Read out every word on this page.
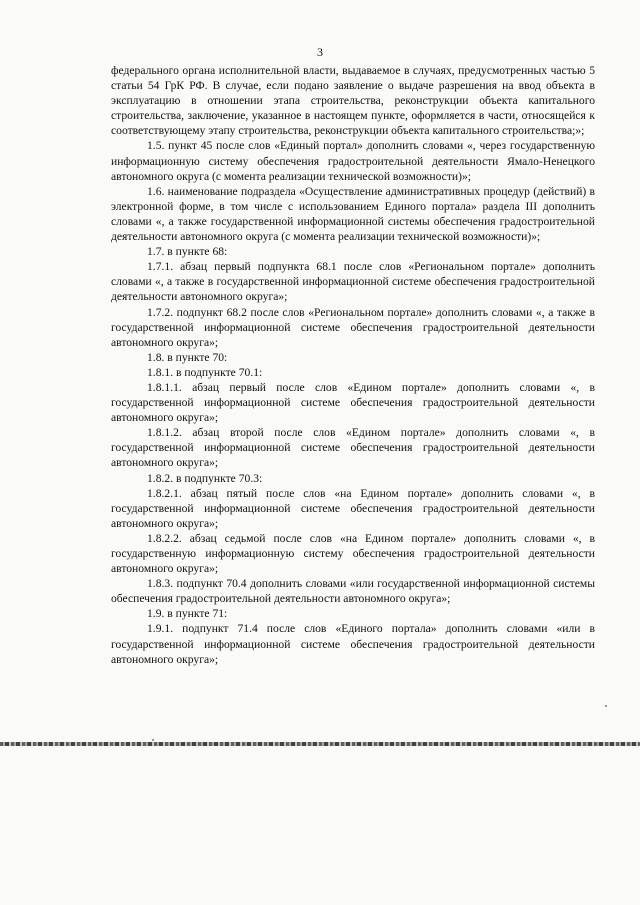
3

федерального органа исполнительной власти, выдаваемое в случаях, предусмотренных частью 5 статьи 54 ГрК РФ. В случае, если подано заявление о выдаче разрешения на ввод объекта в эксплуатацию в отношении этапа строительства, реконструкции объекта капитального строительства, заключение, указанное в настоящем пункте, оформляется в части, относящейся к соответствующему этапу строительства, реконструкции объекта капитального строительства;»;

1.5. пункт 45 после слов «Единый портал» дополнить словами «, через государственную информационную систему обеспечения градостроительной деятельности Ямало-Ненецкого автономного округа (с момента реализации технической возможности)»;

1.6. наименование подраздела «Осуществление административных процедур (действий) в электронной форме, в том числе с использованием Единого портала» раздела III дополнить словами «, а также государственной информационной системы обеспечения градостроительной деятельности автономного округа (с момента реализации технической возможности)»;

1.7. в пункте 68:

1.7.1. абзац первый подпункта 68.1 после слов «Региональном портале» дополнить словами «, а также в государственной информационной системе обеспечения градостроительной деятельности автономного округа»;

1.7.2. подпункт 68.2 после слов «Региональном портале» дополнить словами «, а также в государственной информационной системе обеспечения градостроительной деятельности автономного округа»;

1.8. в пункте 70:

1.8.1. в подпункте 70.1:

1.8.1.1. абзац первый после слов «Едином портале» дополнить словами «, в государственной информационной системе обеспечения градостроительной деятельности автономного округа»;

1.8.1.2. абзац второй после слов «Едином портале» дополнить словами «, в государственной информационной системе обеспечения градостроительной деятельности автономного округа»;

1.8.2. в подпункте 70.3:

1.8.2.1. абзац пятый после слов «на Едином портале» дополнить словами «, в государственной информационной системе обеспечения градостроительной деятельности автономного округа»;

1.8.2.2. абзац седьмой после слов «на Едином портале» дополнить словами «, в государственную информационную систему обеспечения градостроительной деятельности автономного округа»;

1.8.3. подпункт 70.4 дополнить словами «или государственной информационной системы обеспечения градостроительной деятельности автономного округа»;

1.9. в пункте 71:

1.9.1. подпункт 71.4 после слов «Единого портала» дополнить словами «или в государственной информационной системе обеспечения градостроительной деятельности автономного округа»;
